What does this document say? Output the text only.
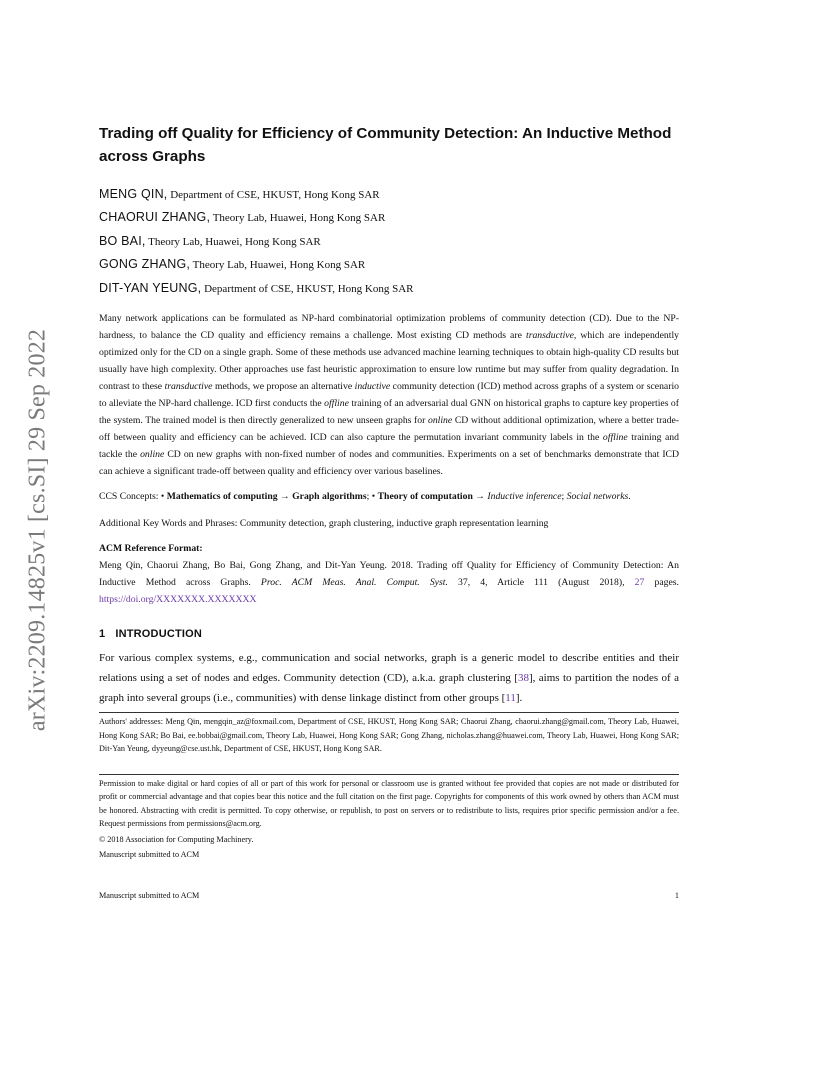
arXiv:2209.14825v1 [cs.SI] 29 Sep 2022
Trading off Quality for Efficiency of Community Detection: An Inductive Method across Graphs
MENG QIN, Department of CSE, HKUST, Hong Kong SAR
CHAORUI ZHANG, Theory Lab, Huawei, Hong Kong SAR
BO BAI, Theory Lab, Huawei, Hong Kong SAR
GONG ZHANG, Theory Lab, Huawei, Hong Kong SAR
DIT-YAN YEUNG, Department of CSE, HKUST, Hong Kong SAR

Many network applications can be formulated as NP-hard combinatorial optimization problems of community detection (CD). Due to the NP-hardness, to balance the CD quality and efficiency remains a challenge. Most existing CD methods are transductive, which are independently optimized only for the CD on a single graph. Some of these methods use advanced machine learning techniques to obtain high-quality CD results but usually have high complexity. Other approaches use fast heuristic approximation to ensure low runtime but may suffer from quality degradation. In contrast to these transductive methods, we propose an alternative inductive community detection (ICD) method across graphs of a system or scenario to alleviate the NP-hard challenge. ICD first conducts the offline training of an adversarial dual GNN on historical graphs to capture key properties of the system. The trained model is then directly generalized to new unseen graphs for online CD without additional optimization, where a better trade-off between quality and efficiency can be achieved. ICD can also capture the permutation invariant community labels in the offline training and tackle the online CD on new graphs with non-fixed number of nodes and communities. Experiments on a set of benchmarks demonstrate that ICD can achieve a significant trade-off between quality and efficiency over various baselines.

CCS Concepts: • Mathematics of computing → Graph algorithms; • Theory of computation → Inductive inference; Social networks.

Additional Key Words and Phrases: Community detection, graph clustering, inductive graph representation learning

ACM Reference Format:

Meng Qin, Chaorui Zhang, Bo Bai, Gong Zhang, and Dit-Yan Yeung. 2018. Trading off Quality for Efficiency of Community Detection: An Inductive Method across Graphs. Proc. ACM Meas. Anal. Comput. Syst. 37, 4, Article 111 (August 2018), 27 pages. https://doi.org/XXXXXXX.XXXXXXX

1 INTRODUCTION

For various complex systems, e.g., communication and social networks, graph is a generic model to describe entities and their relations using a set of nodes and edges. Community detection (CD), a.k.a. graph clustering [38], aims to partition the nodes of a graph into several groups (i.e., communities) with dense linkage distinct from other groups [11].

Authors' addresses: Meng Qin, mengqin_az@foxmail.com, Department of CSE, HKUST, Hong Kong SAR; Chaorui Zhang, chaorui.zhang@gmail.com, Theory Lab, Huawei, Hong Kong SAR; Bo Bai, ee.bobbai@gmail.com, Theory Lab, Huawei, Hong Kong SAR; Gong Zhang, nicholas.zhang@huawei.com, Theory Lab, Huawei, Hong Kong SAR; Dit-Yan Yeung, dyyeung@cse.ust.hk, Department of CSE, HKUST, Hong Kong SAR.

Permission to make digital or hard copies of all or part of this work for personal or classroom use is granted without fee provided that copies are not made or distributed for profit or commercial advantage and that copies bear this notice and the full citation on the first page. Copyrights for components of this work owned by others than ACM must be honored. Abstracting with credit is permitted. To copy otherwise, or republish, to post on servers or to redistribute to lists, requires prior specific permission and/or a fee. Request permissions from permissions@acm.org.

© 2018 Association for Computing Machinery.

Manuscript submitted to ACM

Manuscript submitted to ACM	1
